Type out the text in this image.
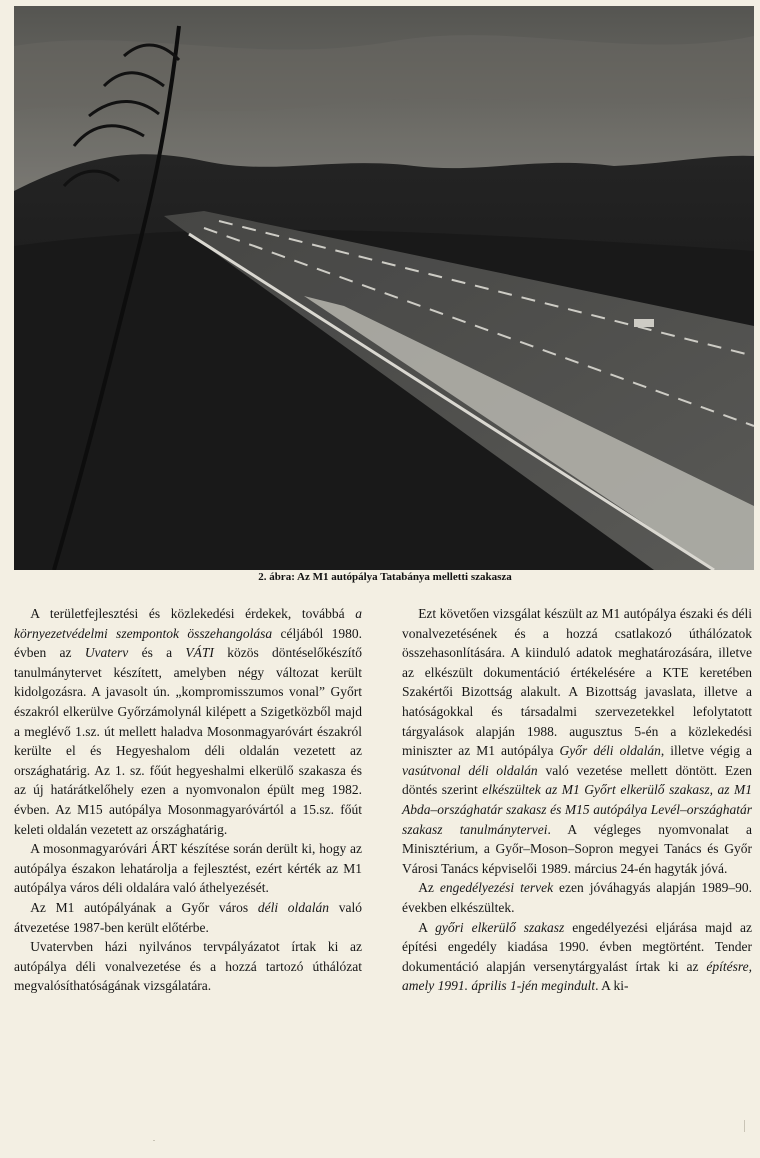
2. ábra: Az M1 autópálya Tatabánya melletti szakasza

A területfejlesztési és közlekedési érdekek, továbbá a környezetvédelmi szempontok összehangolása céljából 1980. évben az Uvaterv és a VÁTI közös döntéselőkészítő tanulmánytervet készített, amelyben négy változat került kidolgozásra. A javasolt ún. „kompromisszumos vonal” Győrt északról elkerülve Győrzámolynál kilépett a Szigetközből majd a meglévő 1.sz. út mellett haladva Mosonmagyaróvárt északról kerülte el és Hegyeshalom déli oldalán vezetett az országhatárig. Az 1. sz. főút hegyeshalmi elkerülő szakasza és az új határátkelőhely ezen a nyomvonalon épült meg 1982. évben. Az M15 autópálya Mosonmagyaróvártól a 15.sz. főút keleti oldalán vezetett az országhatárig.

A mosonmagyaróvári ÁRT készítése során derült ki, hogy az autópálya északon lehatárolja a fejlesztést, ezért kérték az M1 autópálya város déli oldalára való áthelyezését.

Az M1 autópályának a Győr város déli oldalán való átvezetése 1987-ben került előtérbe.

Uvatervben házi nyilvános tervpályázatot írtak ki az autópálya déli vonalvezetése és a hozzá tartozó úthálózat megvalósíthatóságának vizsgálatára.

Ezt követően vizsgálat készült az M1 autópálya északi és déli vonalvezetésének és a hozzá csatlakozó úthálózatok összehasonlítására. A kiinduló adatok meghatározására, illetve az elkészült dokumentáció értékelésére a KTE keretében Szakértői Bizottság alakult. A Bizottság javaslata, illetve a hatóságokkal és társadalmi szervezetekkel lefolytatott tárgyalások alapján 1988. augusztus 5-én a közlekedési miniszter az M1 autópálya Győr déli oldalán, illetve végig a vasútvonal déli oldalán való vezetése mellett döntött. Ezen döntés szerint elkészültek az M1 Győrt elkerülő szakasz, az M1 Abda–országhatár szakasz és M15 autópálya Levél–országhatár szakasz tanulmánytervei. A végleges nyomvonalat a Minisztérium, a Győr–Moson–Sopron megyei Tanács és Győr Városi Tanács képviselői 1989. március 24-én hagyták jóvá.

Az engedélyezési tervek ezen jóváhagyás alapján 1989–90. években elkészültek.

A győri elkerülő szakasz engedélyezési eljárása majd az építési engedély kiadása 1990. évben megtörtént. Tender dokumentáció alapján versenytárgyalást írtak ki az építésre, amely 1991. április 1-jén megindult. A ki-
